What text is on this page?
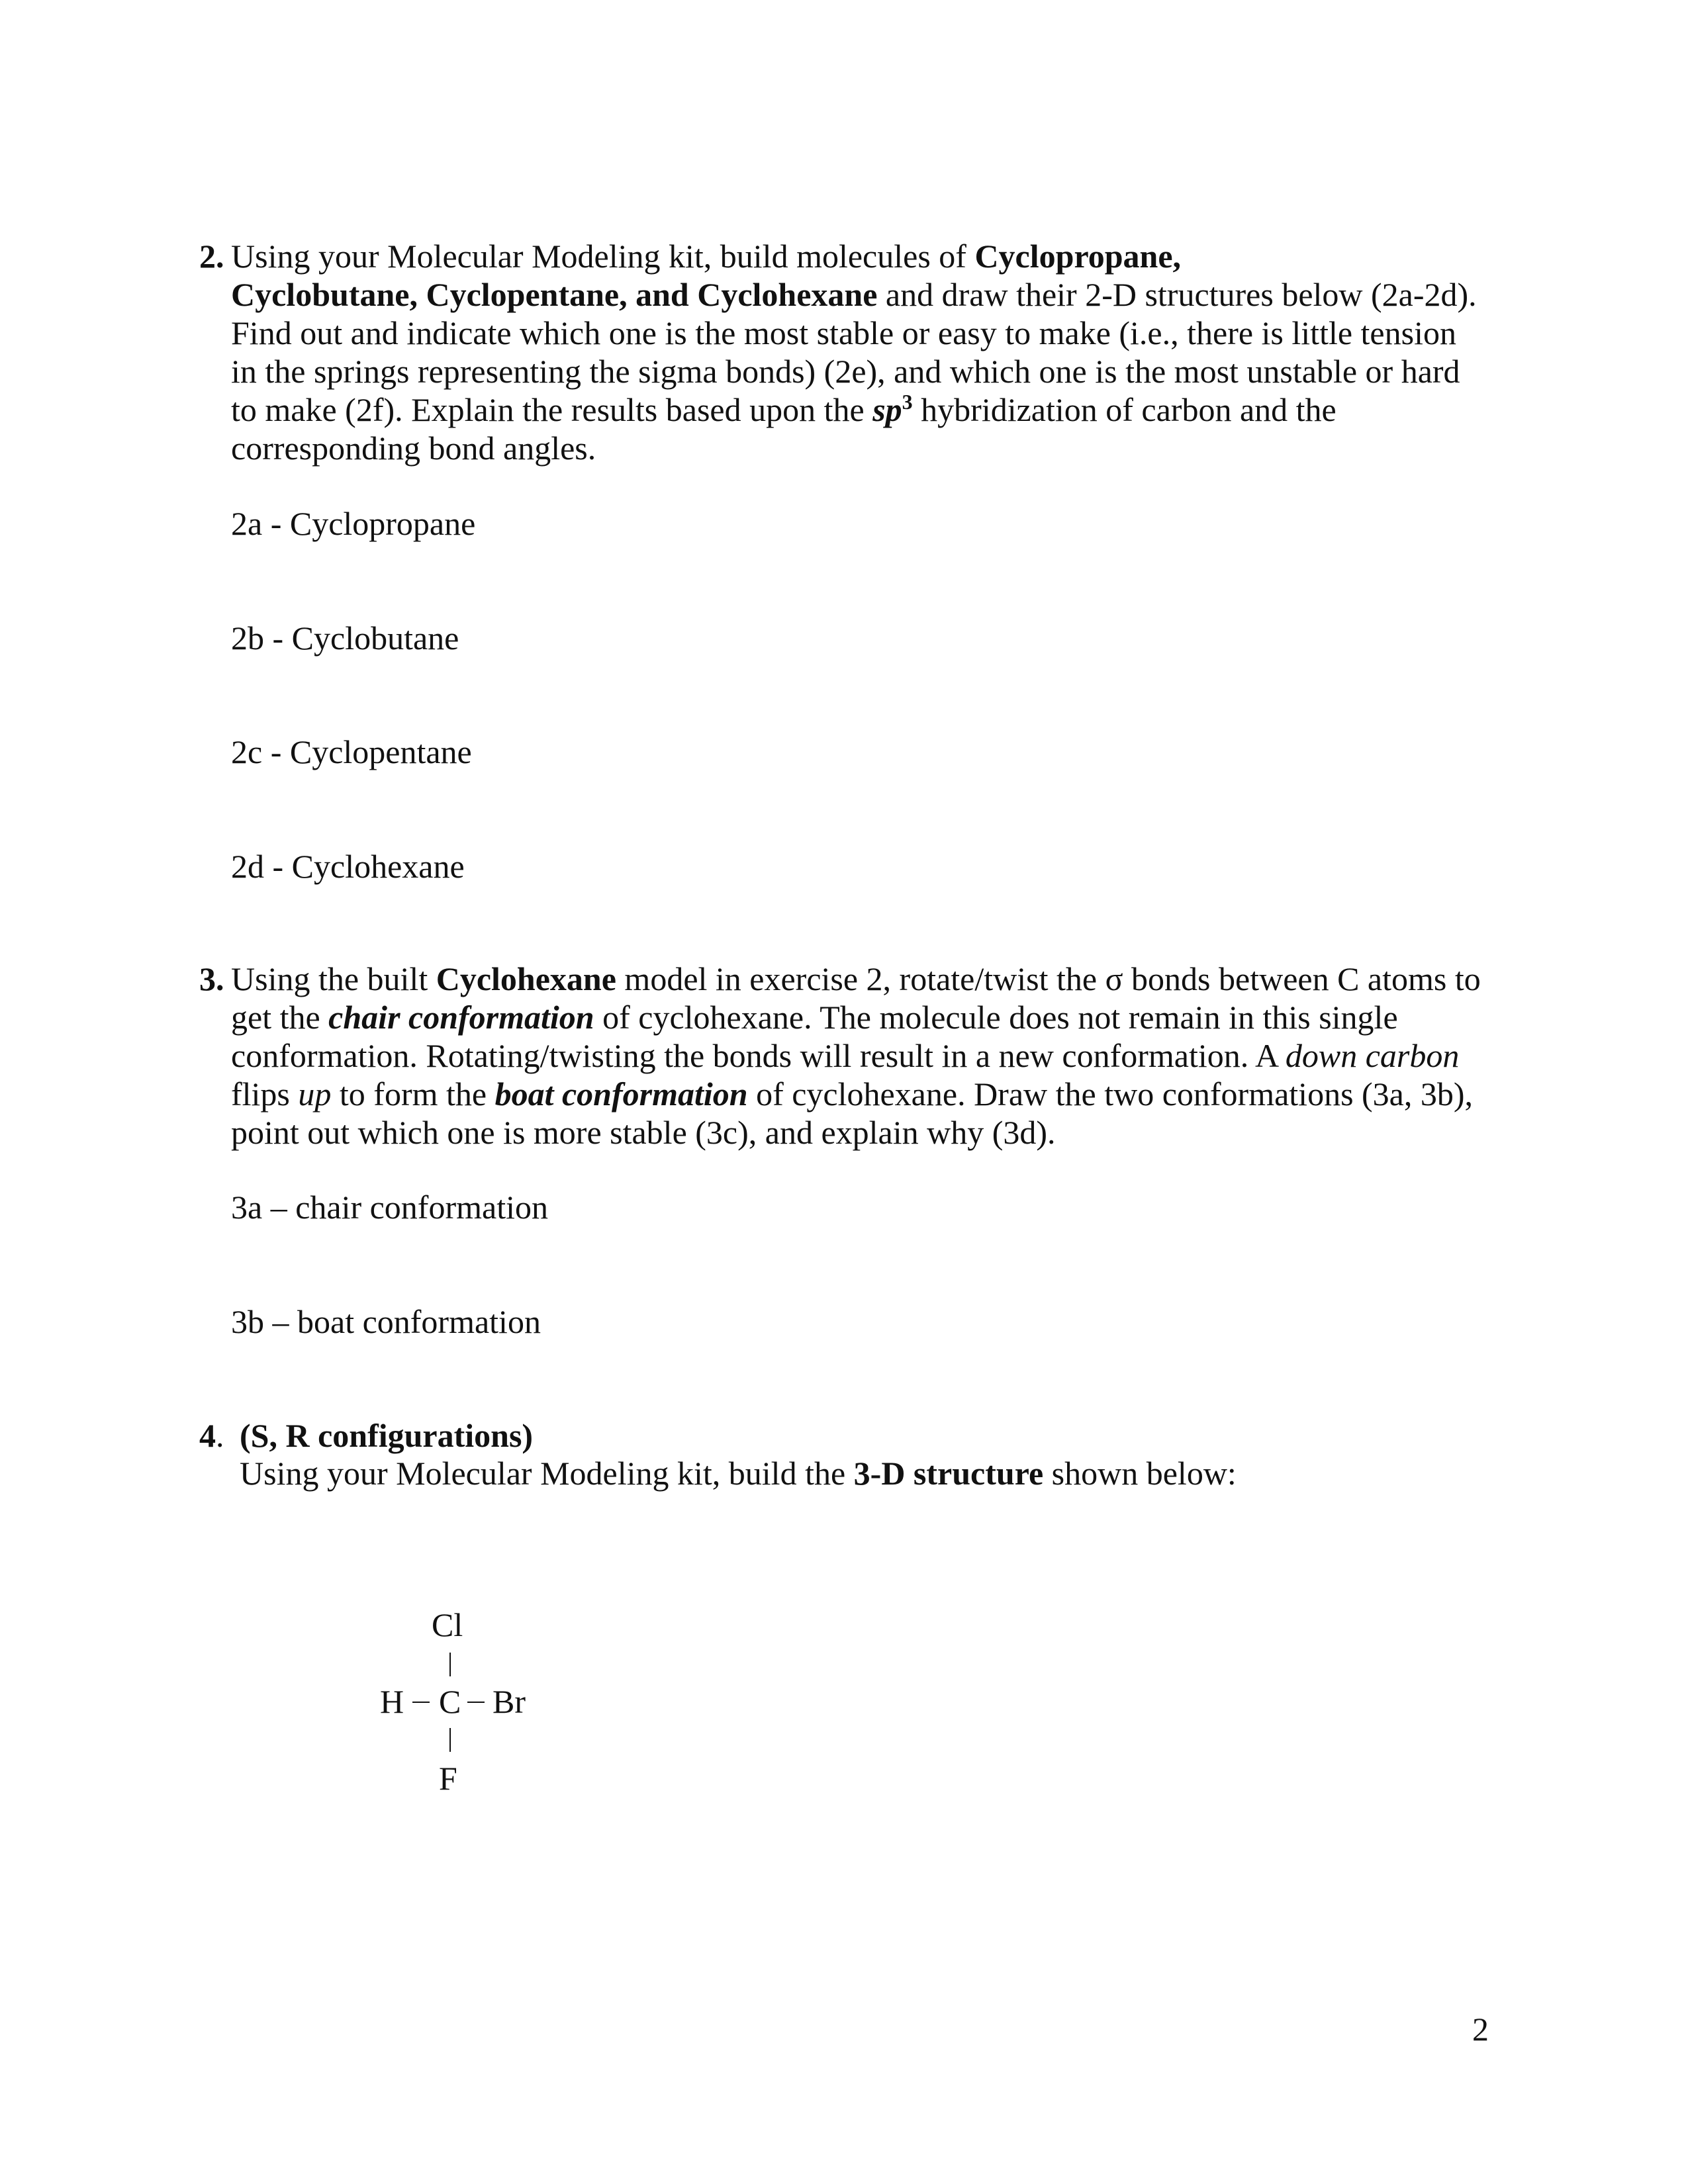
2. Using your Molecular Modeling kit, build molecules of Cyclopropane,
Cyclobutane, Cyclopentane, and Cyclohexane and draw their 2-D structures below (2a-2d).
Find out and indicate which one is the most stable or easy to make (i.e., there is little tension
in the springs representing the sigma bonds) (2e), and which one is the most unstable or hard
to make (2f). Explain the results based upon the $sp^3$ hybridization of carbon and the
corresponding bond angles.
2a - Cyclopropane
2b - Cyclobutane
2c - Cyclopentane
2d - Cyclohexane
3. Using the built Cyclohexane model in exercise 2, rotate/twist the σ bonds between C atoms to
get the chair conformation of cyclohexane. The molecule does not remain in this single
conformation. Rotating/twisting the bonds will result in a new conformation. A down carbon
flips up to form the boat conformation of cyclohexane. Draw the two conformations (3a, 3b),
point out which one is more stable (3c), and explain why (3d).
3a – chair conformation
3b – boat conformation
4. (S, R configurations)
Using your Molecular Modeling kit, build the 3-D structure shown below:
Cl
H C Br
F
2
